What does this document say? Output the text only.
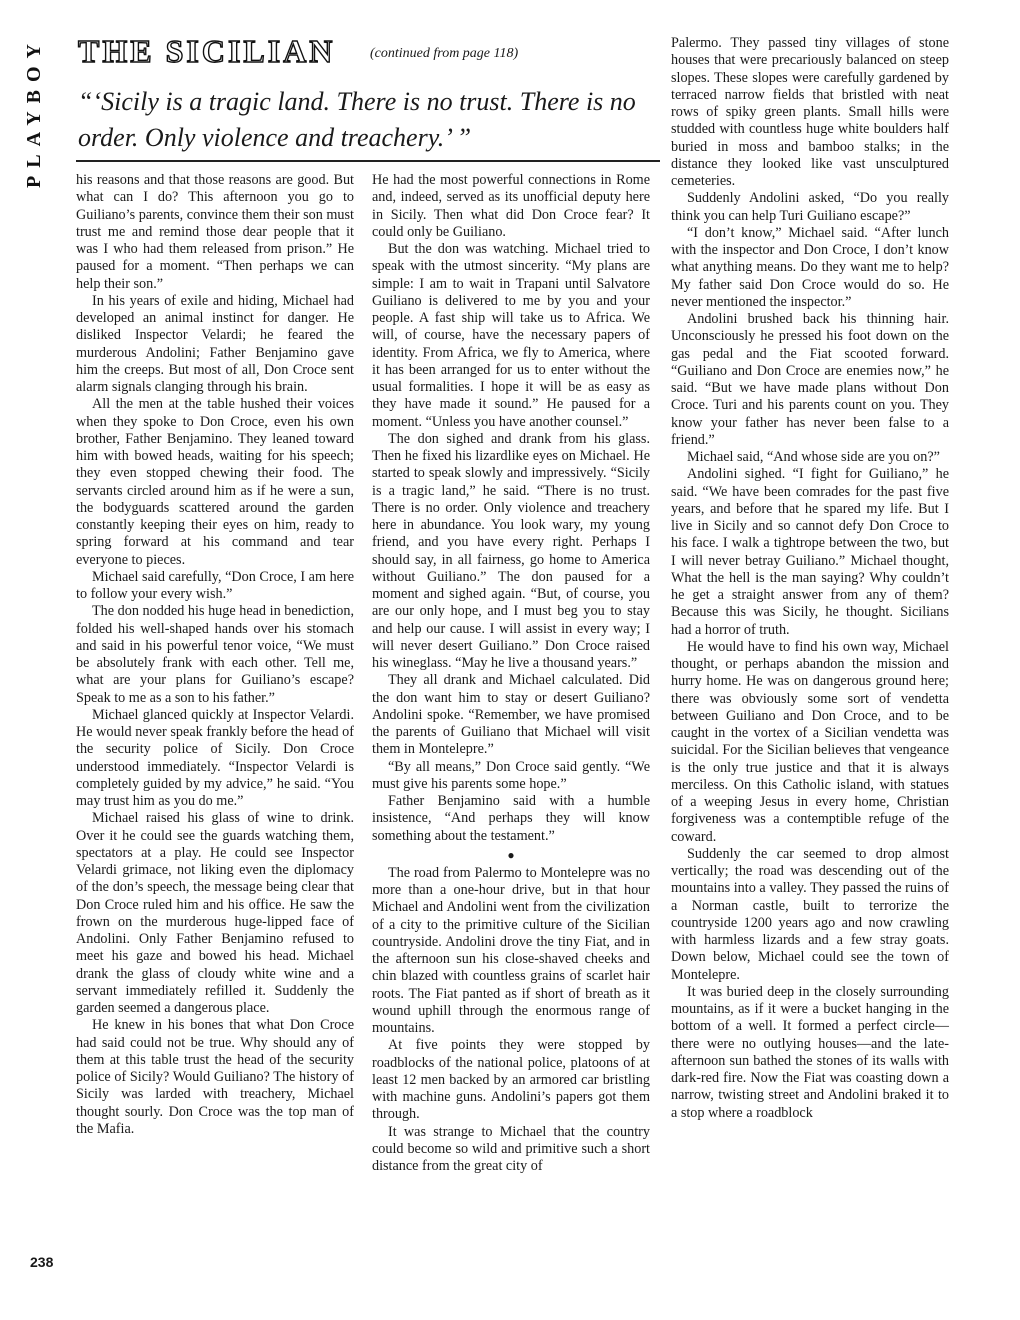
PLAYBOY THE SICILIAN (continued from page 118)
“‘Sicily is a tragic land. There is no trust. There is no order. Only violence and treachery.’ ”

his reasons and that those reasons are good. But what can I do? This afternoon you go to Guiliano’s parents, convince them their son must trust me and remind those dear people that it was I who had them released from prison.” He paused for a moment. “Then perhaps we can help their son.”

In his years of exile and hiding, Michael had developed an animal instinct for danger. He disliked Inspector Velardi; he feared the murderous Andolini; Father Benjamino gave him the creeps. But most of all, Don Croce sent alarm signals clanging through his brain.

All the men at the table hushed their voices when they spoke to Don Croce, even his own brother, Father Benjamino. They leaned toward him with bowed heads, waiting for his speech; they even stopped chewing their food. The servants circled around him as if he were a sun, the bodyguards scattered around the garden constantly keeping their eyes on him, ready to spring forward at his command and tear everyone to pieces.

Michael said carefully, “Don Croce, I am here to follow your every wish.”

The don nodded his huge head in benediction, folded his well-shaped hands over his stomach and said in his powerful tenor voice, “We must be absolutely frank with each other. Tell me, what are your plans for Guiliano’s escape? Speak to me as a son to his father.”

Michael glanced quickly at Inspector Velardi. He would never speak frankly before the head of the security police of Sicily. Don Croce understood immediately. “Inspector Velardi is completely guided by my advice,” he said. “You may trust him as you do me.”

Michael raised his glass of wine to drink. Over it he could see the guards watching them, spectators at a play. He could see Inspector Velardi grimace, not liking even the diplomacy of the don’s speech, the message being clear that Don Croce ruled him and his office. He saw the frown on the murderous huge-lipped face of Andolini. Only Father Benjamino refused to meet his gaze and bowed his head. Michael drank the glass of cloudy white wine and a servant immediately refilled it. Suddenly the garden seemed a dangerous place.

He knew in his bones that what Don Croce had said could not be true. Why should any of them at this table trust the head of the security police of Sicily? Would Guiliano? The history of Sicily was larded with treachery, Michael thought sourly. Don Croce was the top man of the Mafia.

He had the most powerful connections in Rome and, indeed, served as its unofficial deputy here in Sicily. Then what did Don Croce fear? It could only be Guiliano.

But the don was watching. Michael tried to speak with the utmost sincerity. “My plans are simple: I am to wait in Trapani until Salvatore Guiliano is delivered to me by you and your people. A fast ship will take us to Africa. We will, of course, have the necessary papers of identity. From Africa, we fly to America, where it has been arranged for us to enter without the usual formalities. I hope it will be as easy as they have made it sound.” He paused for a moment. “Unless you have another counsel.”

The don sighed and drank from his glass. Then he fixed his lizardlike eyes on Michael. He started to speak slowly and impressively. “Sicily is a tragic land,” he said. “There is no trust. There is no order. Only violence and treachery here in abundance. You look wary, my young friend, and you have every right. Perhaps I should say, in all fairness, go home to America without Guiliano.” The don paused for a moment and sighed again. “But, of course, you are our only hope, and I must beg you to stay and help our cause. I will assist in every way; I will never desert Guiliano.” Don Croce raised his wineglass. “May he live a thousand years.”

They all drank and Michael calculated. Did the don want him to stay or desert Guiliano? Andolini spoke. “Remember, we have promised the parents of Guiliano that Michael will visit them in Montelepre.”

“By all means,” Don Croce said gently. “We must give his parents some hope.”

Father Benjamino said with a humble insistence, “And perhaps they will know something about the testament.”

●

The road from Palermo to Montelepre was no more than a one-hour drive, but in that hour Michael and Andolini went from the civilization of a city to the primitive culture of the Sicilian countryside. Andolini drove the tiny Fiat, and in the afternoon sun his close-shaved cheeks and chin blazed with countless grains of scarlet hair roots. The Fiat panted as if short of breath as it wound uphill through the enormous range of mountains.

At five points they were stopped by roadblocks of the national police, platoons of at least 12 men backed by an armored car bristling with machine guns. Andolini’s papers got them through.

It was strange to Michael that the country could become so wild and primitive such a short distance from the great city of

Palermo. They passed tiny villages of stone houses that were precariously balanced on steep slopes. These slopes were carefully gardened by terraced narrow fields that bristled with neat rows of spiky green plants. Small hills were studded with countless huge white boulders half buried in moss and bamboo stalks; in the distance they looked like vast unsculptured cemeteries.

Suddenly Andolini asked, “Do you really think you can help Turi Guiliano escape?”

“I don’t know,” Michael said. “After lunch with the inspector and Don Croce, I don’t know what anything means. Do they want me to help? My father said Don Croce would do so. He never mentioned the inspector.”

Andolini brushed back his thinning hair. Unconsciously he pressed his foot down on the gas pedal and the Fiat scooted forward. “Guiliano and Don Croce are enemies now,” he said. “But we have made plans without Don Croce. Turi and his parents count on you. They know your father has never been false to a friend.”

Michael said, “And whose side are you on?”

Andolini sighed. “I fight for Guiliano,” he said. “We have been comrades for the past five years, and before that he spared my life. But I live in Sicily and so cannot defy Don Croce to his face. I walk a tightrope between the two, but I will never betray Guiliano.” Michael thought, What the hell is the man saying? Why couldn’t he get a straight answer from any of them? Because this was Sicily, he thought. Sicilians had a horror of truth.

He would have to find his own way, Michael thought, or perhaps abandon the mission and hurry home. He was on dangerous ground here; there was obviously some sort of vendetta between Guiliano and Don Croce, and to be caught in the vortex of a Sicilian vendetta was suicidal. For the Sicilian believes that vengeance is the only true justice and that it is always merciless. On this Catholic island, with statues of a weeping Jesus in every home, Christian forgiveness was a contemptible refuge of the coward.

Suddenly the car seemed to drop almost vertically; the road was descending out of the mountains into a valley. They passed the ruins of a Norman castle, built to terrorize the countryside 1200 years ago and now crawling with harmless lizards and a few stray goats. Down below, Michael could see the town of Montelepre.

It was buried deep in the closely surrounding mountains, as if it were a bucket hanging in the bottom of a well. It formed a perfect circle—there were no outlying houses—and the late-afternoon sun bathed the stones of its walls with dark-red fire. Now the Fiat was coasting down a narrow, twisting street and Andolini braked it to a stop where a roadblock

238
